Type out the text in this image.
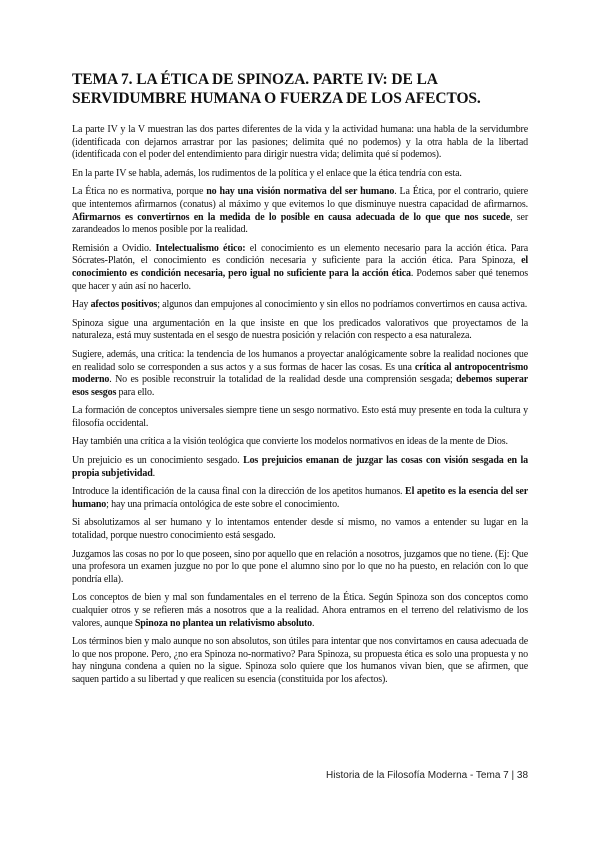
TEMA 7. LA ÉTICA DE SPINOZA. PARTE IV: DE LA SERVIDUMBRE HUMANA O FUERZA DE LOS AFECTOS.

La parte IV y la V muestran las dos partes diferentes de la vida y la actividad humana: una habla de la servidumbre (identificada con dejarnos arrastrar por las pasiones; delimita qué no podemos) y la otra habla de la libertad (identificada con el poder del entendimiento para dirigir nuestra vida; delimita qué sí podemos).

En la parte IV se habla, además, los rudimentos de la política y el enlace que la ética tendría con esta.

La Ética no es normativa, porque no hay una visión normativa del ser humano. La Ética, por el contrario, quiere que intentemos afirmarnos (conatus) al máximo y que evitemos lo que disminuye nuestra capacidad de afirmarnos. Afirmarnos es convertirnos en la medida de lo posible en causa adecuada de lo que que nos sucede, ser zarandeados lo menos posible por la realidad.

Remisión a Ovidio. Intelectualismo ético: el conocimiento es un elemento necesario para la acción ética. Para Sócrates-Platón, el conocimiento es condición necesaria y suficiente para la acción ética. Para Spinoza, el conocimiento es condición necesaria, pero igual no suficiente para la acción ética. Podemos saber qué tenemos que hacer y aún así no hacerlo.

Hay afectos positivos; algunos dan empujones al conocimiento y sin ellos no podríamos convertirnos en causa activa.

Spinoza sigue una argumentación en la que insiste en que los predicados valorativos que proyectamos de la naturaleza, está muy sustentada en el sesgo de nuestra posición y relación con respecto a esa naturaleza.

Sugiere, además, una crítica: la tendencia de los humanos a proyectar analógicamente sobre la realidad nociones que en realidad solo se corresponden a sus actos y a sus formas de hacer las cosas. Es una crítica al antropocentrismo moderno. No es posible reconstruir la totalidad de la realidad desde una comprensión sesgada; debemos superar esos sesgos para ello.

La formación de conceptos universales siempre tiene un sesgo normativo. Esto está muy presente en toda la cultura y filosofía occidental.

Hay también una crítica a la visión teológica que convierte los modelos normativos en ideas de la mente de Dios.

Un prejuicio es un conocimiento sesgado. Los prejuicios emanan de juzgar las cosas con visión sesgada en la propia subjetividad.

Introduce la identificación de la causa final con la dirección de los apetitos humanos. El apetito es la esencia del ser humano; hay una primacía ontológica de este sobre el conocimiento.

Si absolutizamos al ser humano y lo intentamos entender desde sí mismo, no vamos a entender su lugar en la totalidad, porque nuestro conocimiento está sesgado.

Juzgamos las cosas no por lo que poseen, sino por aquello que en relación a nosotros, juzgamos que no tiene. (Ej: Que una profesora un examen juzgue no por lo que pone el alumno sino por lo que no ha puesto, en relación con lo que pondría ella).

Los conceptos de bien y mal son fundamentales en el terreno de la Ética. Según Spinoza son dos conceptos como cualquier otros y se refieren más a nosotros que a la realidad. Ahora entramos en el terreno del relativismo de los valores, aunque Spinoza no plantea un relativismo absoluto.

Los términos bien y malo aunque no son absolutos, son útiles para intentar que nos convirtamos en causa adecuada de lo que nos propone. Pero, ¿no era Spinoza no-normativo? Para Spinoza, su propuesta ética es solo una propuesta y no hay ninguna condena a quien no la sigue. Spinoza solo quiere que los humanos vivan bien, que se afirmen, que saquen partido a su libertad y que realicen su esencia (constituida por los afectos).

Historia de la Filosofía Moderna - Tema 7 | 38
